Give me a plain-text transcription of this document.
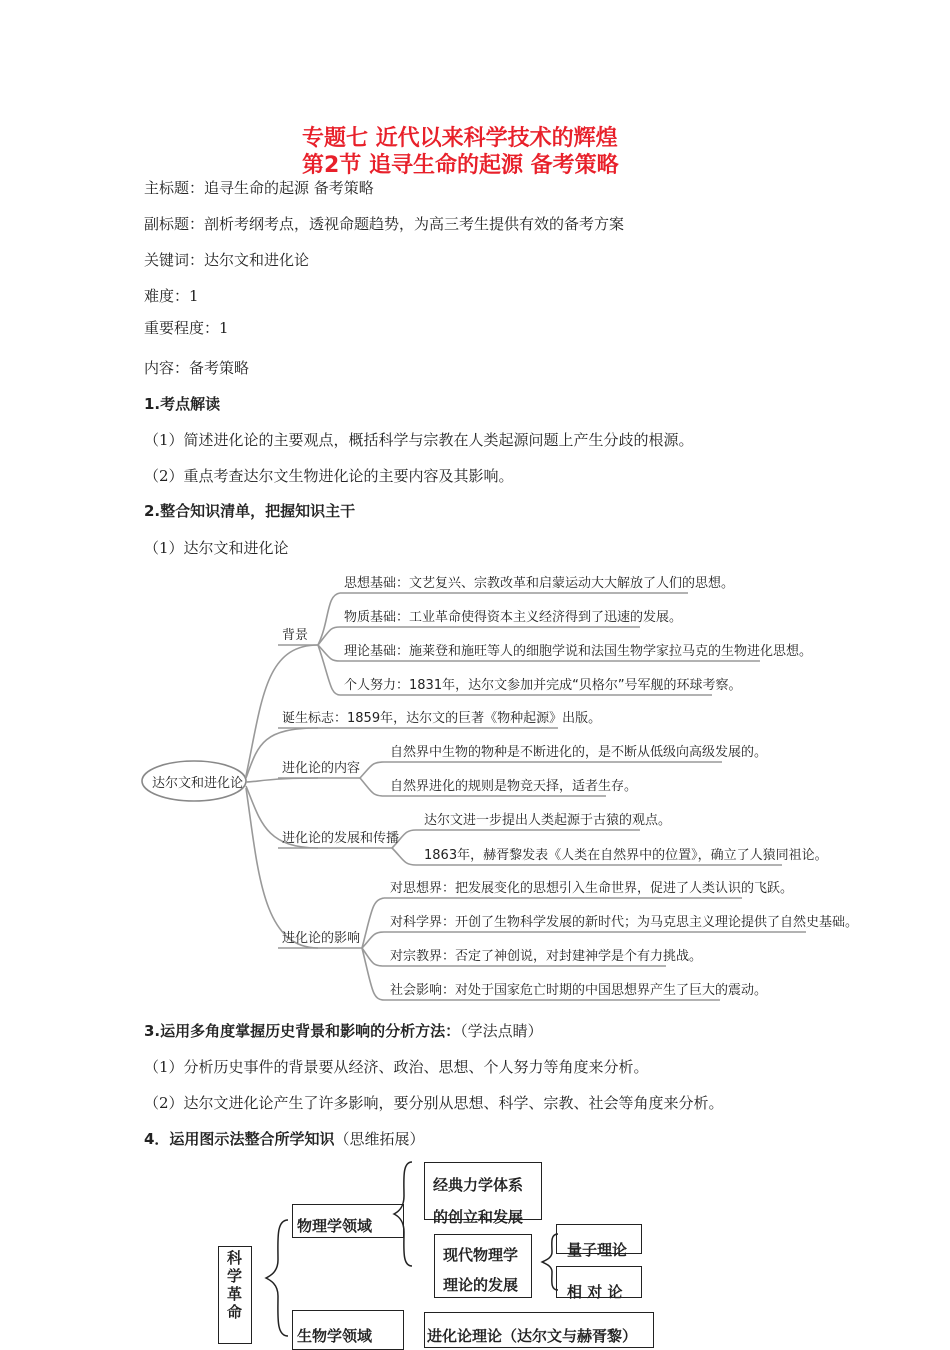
专题七 近代以来科学技术的辉煌
第2节 追寻生命的起源 备考策略
主标题：追寻生命的起源 备考策略
副标题：剖析考纲考点，透视命题趋势，为高三考生提供有效的备考方案
关键词：达尔文和进化论
难度：1
重要程度：1
内容：备考策略
1.考点解读
（1）简述进化论的主要观点，概括科学与宗教在人类起源问题上产生分歧的根源。
（2）重点考查达尔文生物进化论的主要内容及其影响。
2.整合知识清单，把握知识主干
（1）达尔文和进化论
达尔文和进化论
背景
思想基础：文艺复兴、宗教改革和启蒙运动大大解放了人们的思想。
物质基础：工业革命使得资本主义经济得到了迅速的发展。
理论基础：施莱登和施旺等人的细胞学说和法国生物学家拉马克的生物进化思想。
个人努力：1831年，达尔文参加并完成“贝格尔”号军舰的环球考察。
诞生标志：1859年，达尔文的巨著《物种起源》出版。
进化论的内容
自然界中生物的物种是不断进化的，是不断从低级向高级发展的。
自然界进化的规则是物竞天择，适者生存。
进化论的发展和传播
达尔文进一步提出人类起源于古猿的观点。
1863年，赫胥黎发表《人类在自然界中的位置》，确立了人猿同祖论。
进化论的影响
对思想界：把发展变化的思想引入生命世界，促进了人类认识的飞跃。
对科学界：开创了生物科学发展的新时代；为马克思主义理论提供了自然史基础。
对宗教界：否定了神创说，对封建神学是个有力挑战。
社会影响：对处于国家危亡时期的中国思想界产生了巨大的震动。
3.运用多角度掌握历史背景和影响的分析方法：（学法点睛）
（1）分析历史事件的背景要从经济、政治、思想、个人努力等角度来分析。
（2）达尔文进化论产生了许多影响，要分别从思想、科学、宗教、社会等角度来分析。
4．运用图示法整合所学知识（思维拓展）
科学革命
物理学领域
生物学领域
经典力学体系
的创立和发展
现代物理学
理论的发展
量子理论
相 对 论
进化论理论（达尔文与赫胥黎）
